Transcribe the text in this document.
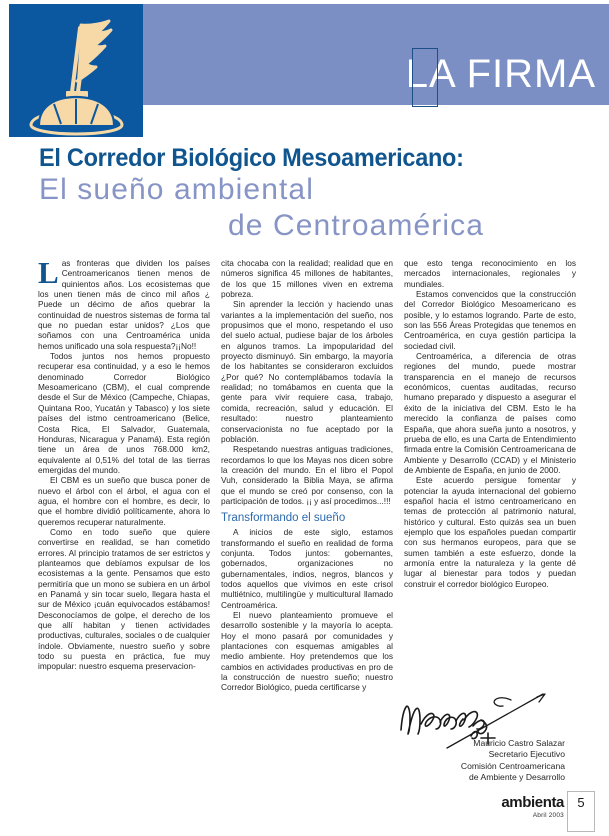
LA FIRMA
El Corredor Biológico Mesoamericano:
El sueño ambiental
de Centroamérica

Las fronteras que dividen los países Centroamericanos tienen menos de quinientos años. Los ecosistemas que los unen tienen más de cinco mil años ¿ Puede un décimo de años quebrar la continuidad de nuestros sistemas de forma tal que no puedan estar unidos? ¿Los que soñamos con una Centroamérica unida hemos unificado una sola respuesta?¡¡No!!

Todos juntos nos hemos propuesto recuperar esa continuidad, y a eso le hemos denominado Corredor Biológico Mesoamericano (CBM), el cual comprende desde el Sur de México (Campeche, Chiapas, Quintana Roo, Yucatán y Tabasco) y los siete países del istmo centroamericano (Belice, Costa Rica, El Salvador, Guatemala, Honduras, Nicaragua y Panamá). Esta región tiene un área de unos 768.000 km2, equivalente al 0,51% del total de las tierras emergidas del mundo.

El CBM es un sueño que busca poner de nuevo el árbol con el árbol, el agua con el agua, el hombre con el hombre, es decir, lo que el hombre dividió políticamente, ahora lo queremos recuperar naturalmente.

Como en todo sueño que quiere convertirse en realidad, se han cometido errores. Al principio tratamos de ser estrictos y planteamos que debíamos expulsar de los ecosistemas a la gente. Pensamos que esto permitiría que un mono se subiera en un árbol en Panamá y sin tocar suelo, llegara hasta el sur de México ¡cuán equivocados estábamos! Desconocíamos de golpe, el derecho de los que allí habitan y tienen actividades productivas, culturales, sociales o de cualquier índole. Obviamente, nuestro sueño y sobre todo su puesta en práctica, fue muy impopular: nuestro esquema preservacion-

cita chocaba con la realidad; realidad que en números significa 45 millones de habitantes, de los que 15 millones viven en extrema pobreza.

Sin aprender la lección y haciendo unas variantes a la implementación del sueño, nos propusimos que el mono, respetando el uso del suelo actual, pudiese bajar de los árboles en algunos tramos. La impopularidad del proyecto disminuyó. Sin embargo, la mayoría de los habitantes se consideraron excluidos ¿Por qué? No contemplábamos todavía la realidad; no tomábamos en cuenta que la gente para vivir requiere casa, trabajo, comida, recreación, salud y educación. El resultado: nuestro planteamiento conservacionista no fue aceptado por la población.

Respetando nuestras antiguas tradiciones, recordamos lo que los Mayas nos dicen sobre la creación del mundo. En el libro el Popol Vuh, considerado la Biblia Maya, se afirma que el mundo se creó por consenso, con la participación de todos. ¡¡ y así procedimos...!!!

Transformando el sueño

A inicios de este siglo, estamos transformando el sueño en realidad de forma conjunta. Todos juntos: gobernantes, gobernados, organizaciones no gubernamentales, indios, negros, blancos y todos aquellos que vivimos en este crisol multiétnico, multilingüe y multicultural llamado Centroamérica.

El nuevo planteamiento promueve el desarrollo sostenible y la mayoría lo acepta. Hoy el mono pasará por comunidades y plantaciones con esquemas amigables al medio ambiente. Hoy pretendemos que los cambios en actividades productivas en pro de la construcción de nuestro sueño; nuestro Corredor Biológico, pueda certificarse y

que esto tenga reconocimiento en los mercados internacionales, regionales y mundiales.

Estamos convencidos que la construcción del Corredor Biológico Mesoamericano es posible, y lo estamos logrando. Parte de esto, son las 556 Áreas Protegidas que tenemos en Centroamérica, en cuya gestión participa la sociedad civil.

Centroamérica, a diferencia de otras regiones del mundo, puede mostrar transparencia en el manejo de recursos económicos, cuentas auditadas, recurso humano preparado y dispuesto a asegurar el éxito de la iniciativa del CBM. Esto le ha merecido la confianza de países como España, que ahora sueña junto a nosotros, y prueba de ello, es una Carta de Entendimiento firmada entre la Comisión Centroamericana de Ambiente y Desarrollo (CCAD) y el Ministerio de Ambiente de España, en junio de 2000.

Este acuerdo persigue fomentar y potenciar la ayuda internacional del gobierno español hacia el istmo centroamericano en temas de protección al patrimonio natural, histórico y cultural. Esto quizás sea un buen ejemplo que los españoles puedan compartir con sus hermanos europeos, para que se sumen también a este esfuerzo, donde la armonía entre la naturaleza y la gente dé lugar al bienestar para todos y puedan construir el corredor biológico Europeo.

Mauricio Castro Salazar
Secretario Ejecutivo
Comisión Centroamericana
de Ambiente y Desarrollo
ambienta
Abril 2003
5
